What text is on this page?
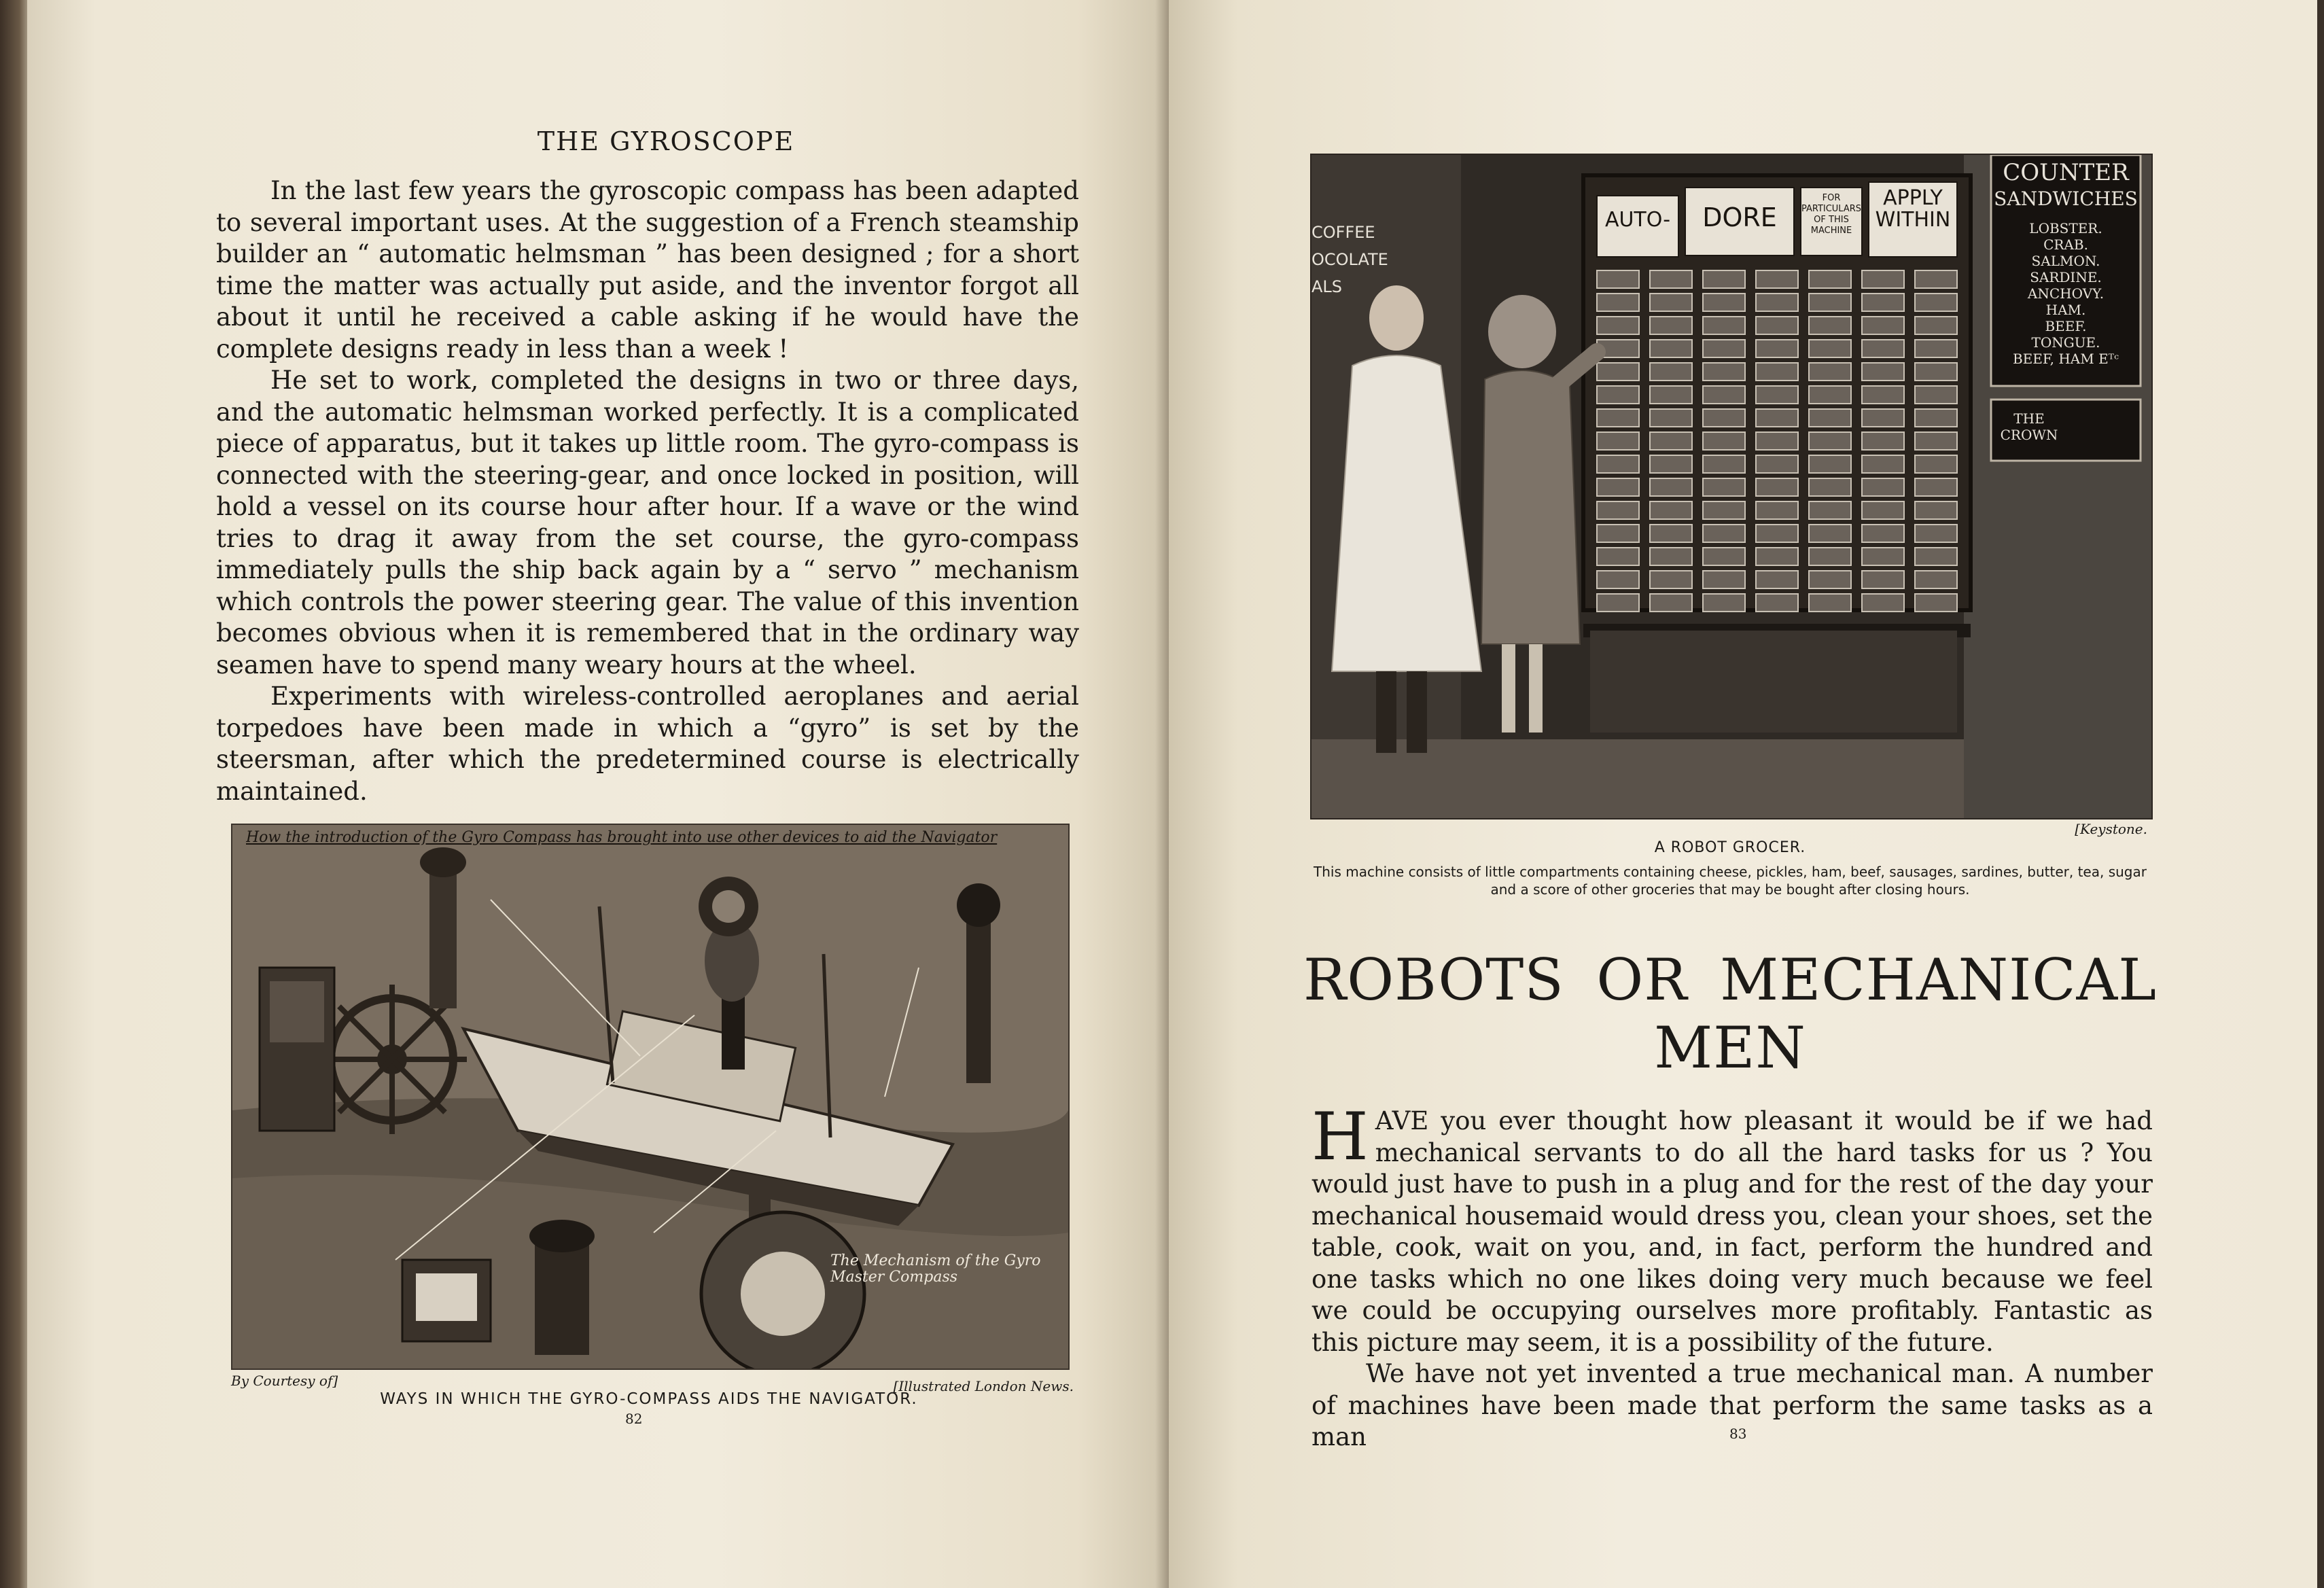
THE GYROSCOPE

In the last few years the gyroscopic compass has been adapted to several important uses. At the suggestion of a French steamship builder an “ automatic helmsman ” has been designed ; for a short time the matter was actually put aside, and the inventor forgot all about it until he received a cable asking if he would have the complete designs ready in less than a week !

He set to work, completed the designs in two or three days, and the automatic helmsman worked perfectly. It is a complicated piece of apparatus, but it takes up little room. The gyro-compass is connected with the steering-gear, and once locked in position, will hold a vessel on its course hour after hour. If a wave or the wind tries to drag it away from the set course, the gyro-compass immediately pulls the ship back again by a “ servo ” mechanism which controls the power steering gear. The value of this invention becomes obvious when it is remembered that in the ordinary way seamen have to spend many weary hours at the wheel.

Experiments with wireless-controlled aeroplanes and aerial torpedoes have been made in which a “gyro” is set by the steersman, after which the predetermined course is electrically maintained.

How the introduction of the Gyro Compass has brought into use other devices to aid the Navigator
The Mechanism of the Gyro Master Compass
By Courtesy of]	[Illustrated London News.
WAYS IN WHICH THE GYRO-COMPASS AIDS THE NAVIGATOR.
82
AUTO-	DORE
FOR PARTICULARS OF THIS MACHINE
APPLY WITHIN
COUNTER
SANDWICHES
LOBSTER.
CRAB.
SALMON.
SARDINE.
ANCHOVY.
HAM.
BEEF.
TONGUE.
BEEF, HAM Eᵀᶜ
THE CROWN
COFFEE
OCOLATE
ALS
[Keystone.
A ROBOT GROCER.
This machine consists of little compartments containing cheese, pickles, ham, beef, sausages, sardines, butter, tea, sugar and a score of other groceries that may be bought after closing hours.
ROBOTS OR MECHANICAL
MEN

HAVE you ever thought how pleasant it would be if we had mechanical servants to do all the hard tasks for us ? You would just have to push in a plug and for the rest of the day your mechanical housemaid would dress you, clean your shoes, set the table, cook, wait on you, and, in fact, perform the hundred and one tasks which no one likes doing very much because we feel we could be occupying ourselves more profitably. Fantastic as this picture may seem, it is a possibility of the future.

We have not yet invented a true mechanical man. A number of machines have been made that perform the same tasks as a man	83
